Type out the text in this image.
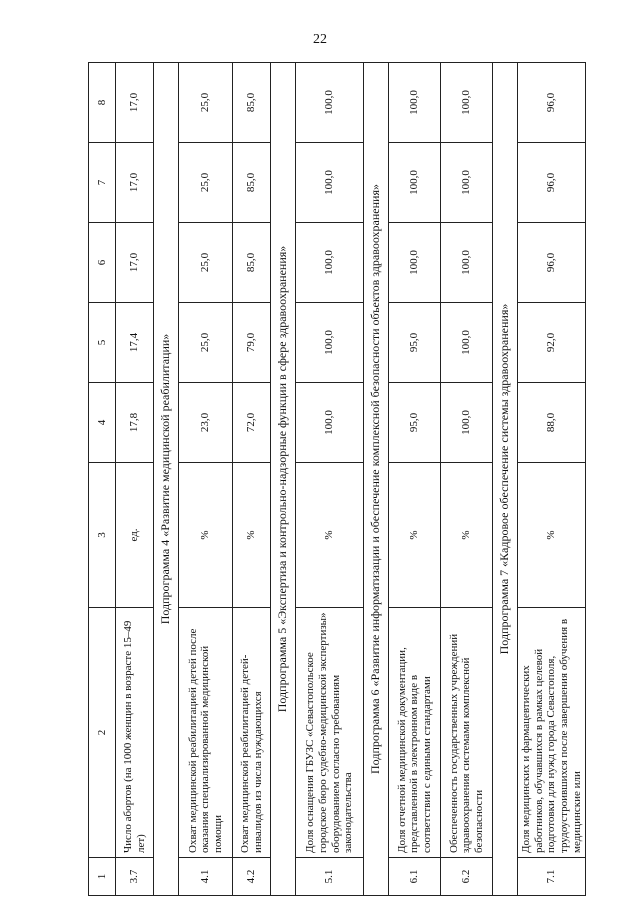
22
1	2	3	4	5	6	7	8
3.7	Число абортов (на 1000 женщин в возрасте 15–49 лет)	ед.	17,8	17,4	17,0	17,0	17,0
Подпрограмма 4 «Развитие медицинской реабилитации»							
4.1	Охват медицинской реабилитацией детей после оказания специализированной медицинской помощи	%	23,0	25,0	25,0	25,0	25,0
4.2	Охват медицинской реабилитацией детей-инвалидов из числа нуждающихся	%	72,0	79,0	85,0	85,0	85,0
Подпрограмма 5 «Экспертиза и контрольно-надзорные функции в сфере здравоохранения»							
5.1	Доля оснащения ГБУЗС «Севастопольское городское бюро судебно-медицинской экспертизы» оборудованием согласно требованиям законодательства	%	100,0	100,0	100,0	100,0	100,0
Подпрограмма 6 «Развитие информатизации и обеспечение комплексной безопасности объектов здравоохранения»							
6.1	Доля отчетной медицинской документации, представленной в электронном виде в соответствии с едиными стандартами	%	95,0	95,0	100,0	100,0	100,0
6.2	Обеспеченность государственных учреждений здравоохранения системами комплексной безопасности	%	100,0	100,0	100,0	100,0	100,0
Подпрограмма 7 «Кадровое обеспечение системы здравоохранения»							
7.1	Доля медицинских и фармацевтических работников, обучавшихся в рамках целевой подготовки для нужд города Севастополя, трудоустроившихся после завершения обучения в медицинские или	%	88,0	92,0	96,0	96,0	96,0
